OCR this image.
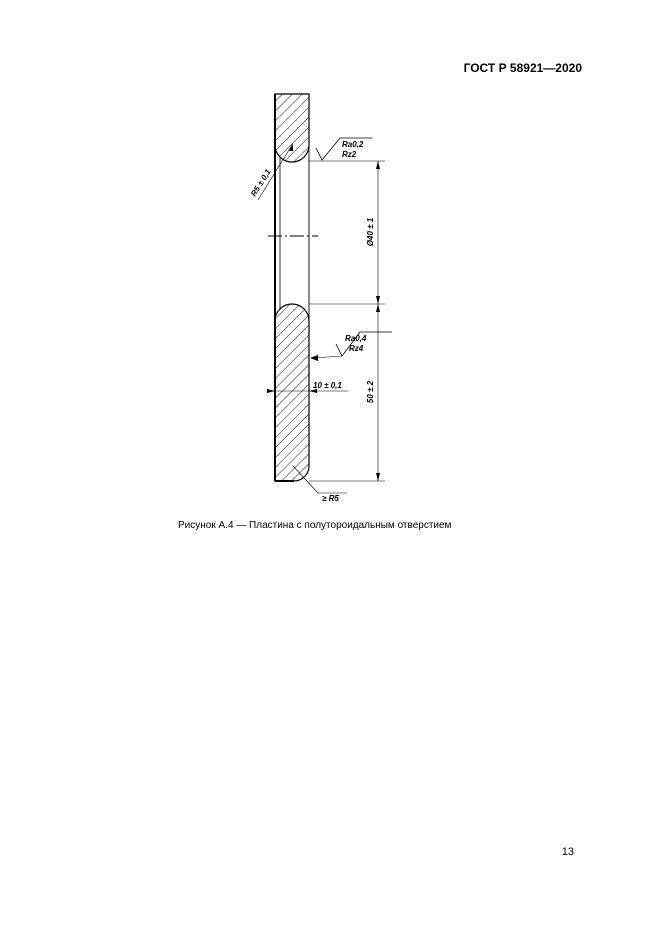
ГОСТ Р 58921—2020
Ø40 ± 1
50 ± 2
Ra0,2
Rz2
Ra0,4
Rz4
R5 ± 0,1
10 ± 0,1
≥ R5
Рисунок А.4 — Пластина с полутороидальным отверстием
13
